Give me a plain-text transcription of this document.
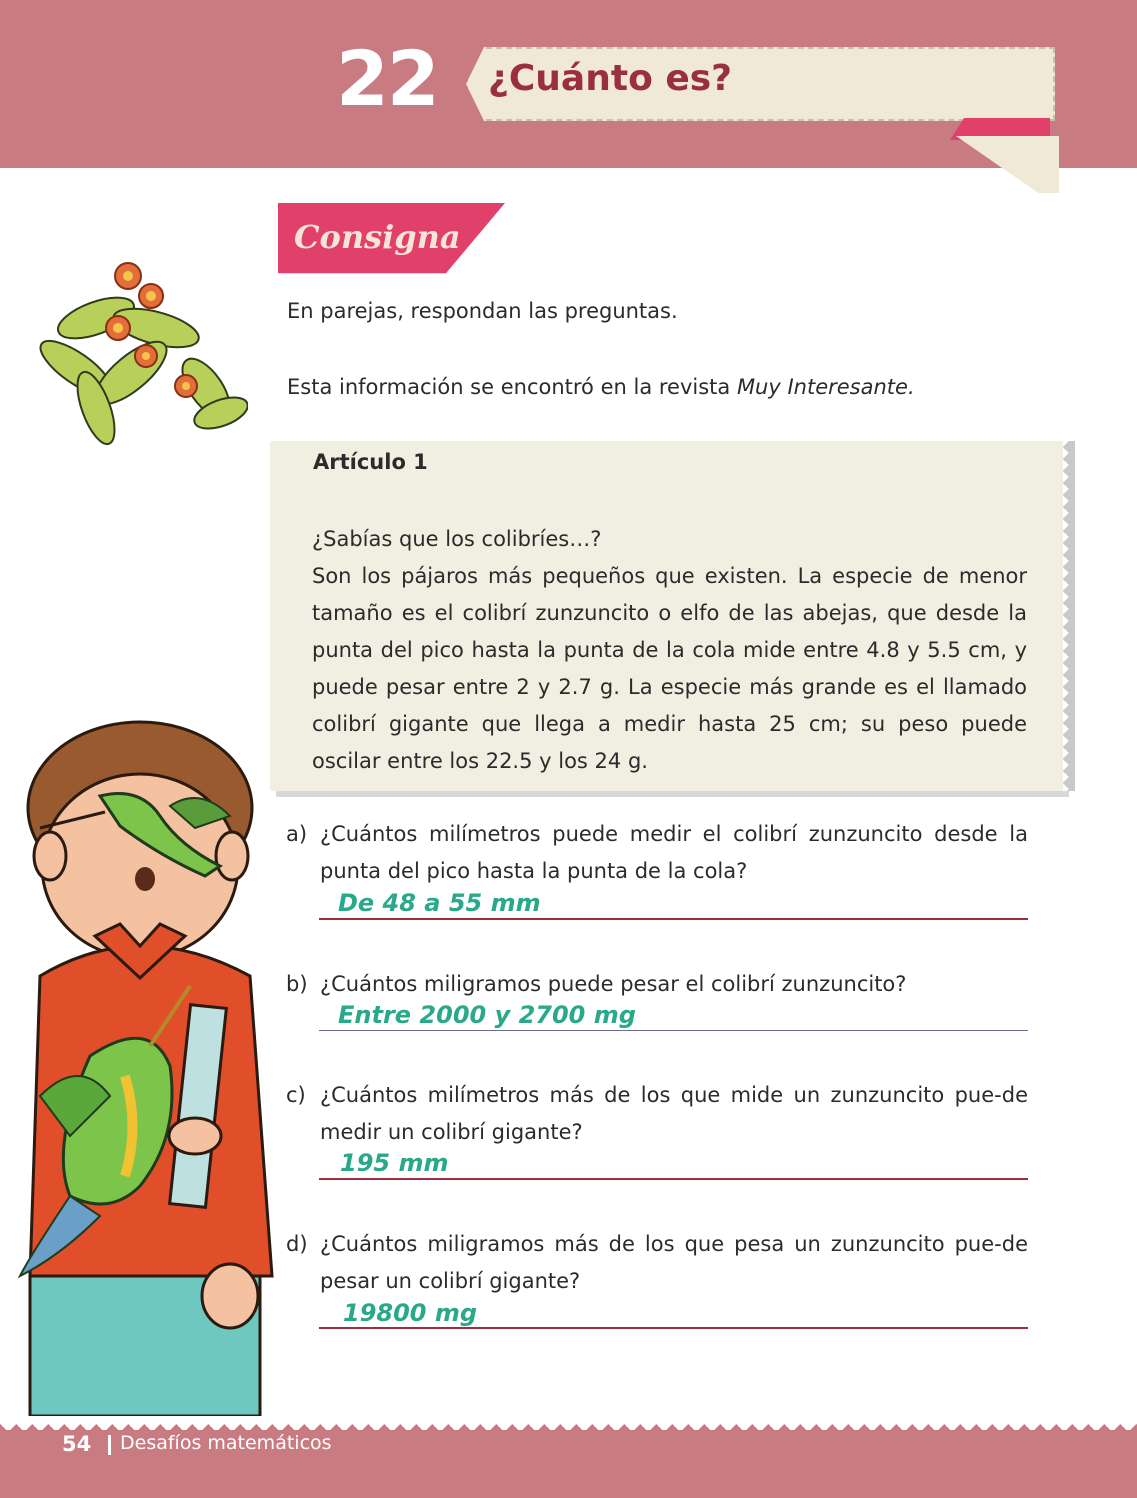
22 ¿Cuánto es?
Consigna
En parejas, respondan las preguntas.
Esta información se encontró en la revista Muy Interesante.
Artículo 1

¿Sabías que los colibríes…?

Son los pájaros más pequeños que existen. La especie de menor tamaño es el colibrí zunzuncito o elfo de las abejas, que desde la punta del pico hasta la punta de la cola mide entre 4.8 y 5.5 cm, y puede pesar entre 2 y 2.7 g. La especie más grande es el llamado colibrí gigante que llega a medir hasta 25 cm; su peso puede oscilar entre los 22.5 y los 24 g.

a) ¿Cuántos milímetros puede medir el colibrí zunzuncito desde la punta del pico hasta la punta de la cola?
De 48 a 55 mm
b) ¿Cuántos miligramos puede pesar el colibrí zunzuncito?
Entre 2000 y 2700 mg
c) ¿Cuántos milímetros más de los que mide un zunzuncito pue-de medir un colibrí gigante?
195 mm
d) ¿Cuántos miligramos más de los que pesa un zunzuncito pue-de pesar un colibrí gigante?
19800 mg
54 Desafíos matemáticos
